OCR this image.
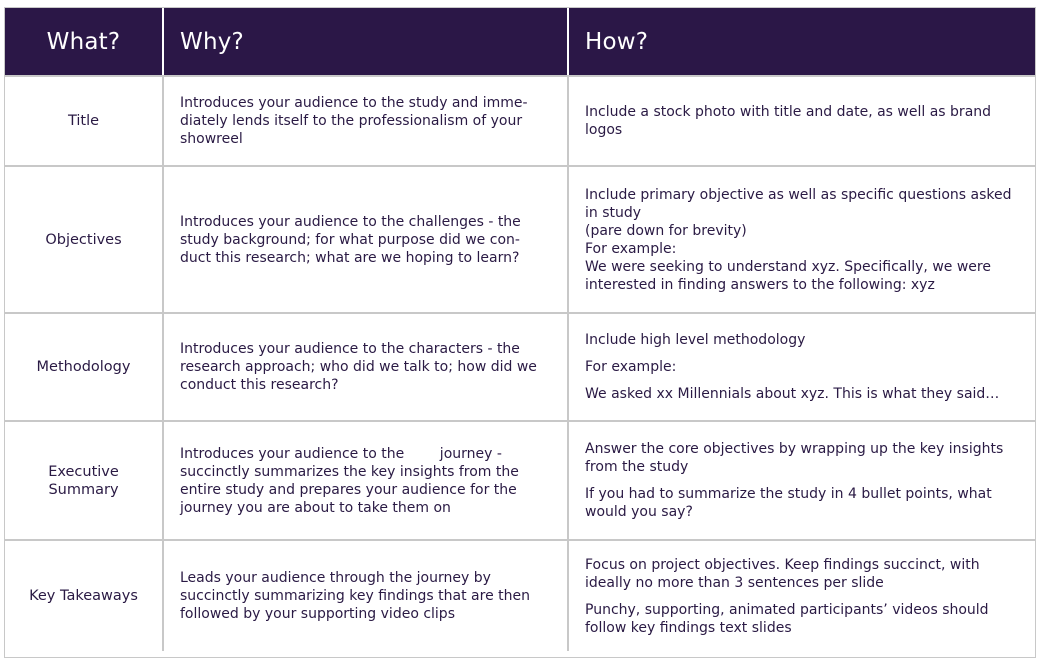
What?	Why?	How?
Title
Introduces your audience to the study and imme-
diately lends itself to the professionalism of your
showreel
Include a stock photo with title and date, as well as brand
logos
Objectives
Introduces your audience to the challenges - the
study background; for what purpose did we con-
duct this research; what are we hoping to learn?
Include primary objective as well as specific questions asked
in study
(pare down for brevity)
For example:
We were seeking to understand xyz. Specifically, we were
interested in finding answers to the following: xyz
Methodology
Introduces your audience to the characters - the
research approach; who did we talk to; how did we
conduct this research?
Include high level methodology
For example:
We asked xx Millennials about xyz. This is what they said…
Executive
Summary
Introduces your audience to the        journey -
succinctly summarizes the key insights from the
entire study and prepares your audience for the
journey you are about to take them on
Answer the core objectives by wrapping up the key insights
from the study
If you had to summarize the study in 4 bullet points, what
would you say?
Key Takeaways
Leads your audience through the journey by
succinctly summarizing key findings that are then
followed by your supporting video clips
Focus on project objectives. Keep findings succinct, with
ideally no more than 3 sentences per slide
Punchy, supporting, animated participants’ videos should
follow key findings text slides
